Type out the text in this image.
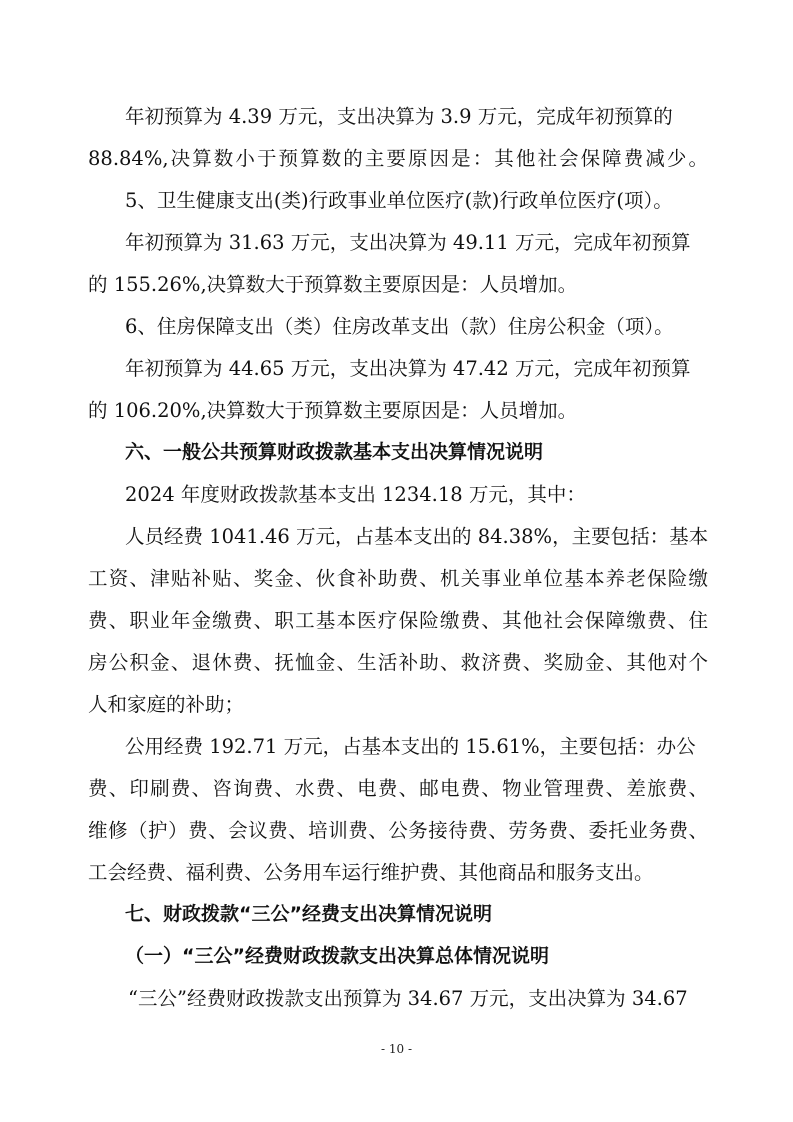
年初预算为 4.39 万元，支出决算为 3.9 万元，完成年初预算的
88.84%,决算数小于预算数的主要原因是：其他社会保障费减少。
5、卫生健康支出(类)行政事业单位医疗(款)行政单位医疗(项）。
年初预算为 31.63 万元，支出决算为 49.11 万元，完成年初预算
的 155.26%,决算数大于预算数主要原因是：人员增加。
6、住房保障支出（类）住房改革支出（款）住房公积金（项）。
年初预算为 44.65 万元，支出决算为 47.42 万元，完成年初预算
的 106.20%,决算数大于预算数主要原因是：人员增加。
六、一般公共预算财政拨款基本支出决算情况说明
2024 年度财政拨款基本支出 1234.18 万元，其中：
人员经费 1041.46 万元，占基本支出的 84.38%，主要包括：基本
工资、津贴补贴、奖金、伙食补助费、机关事业单位基本养老保险缴
费、职业年金缴费、职工基本医疗保险缴费、其他社会保障缴费、住
房公积金、退休费、抚恤金、生活补助、救济费、奖励金、其他对个
人和家庭的补助；
公用经费 192.71 万元，占基本支出的 15.61%，主要包括：办公
费、印刷费、咨询费、水费、电费、邮电费、物业管理费、差旅费、
维修（护）费、会议费、培训费、公务接待费、劳务费、委托业务费、
工会经费、福利费、公务用车运行维护费、其他商品和服务支出。
七、财政拨款“三公”经费支出决算情况说明
（一）“三公”经费财政拨款支出决算总体情况说明
“三公”经费财政拨款支出预算为 34.67 万元，支出决算为 34.67
- 10 -
